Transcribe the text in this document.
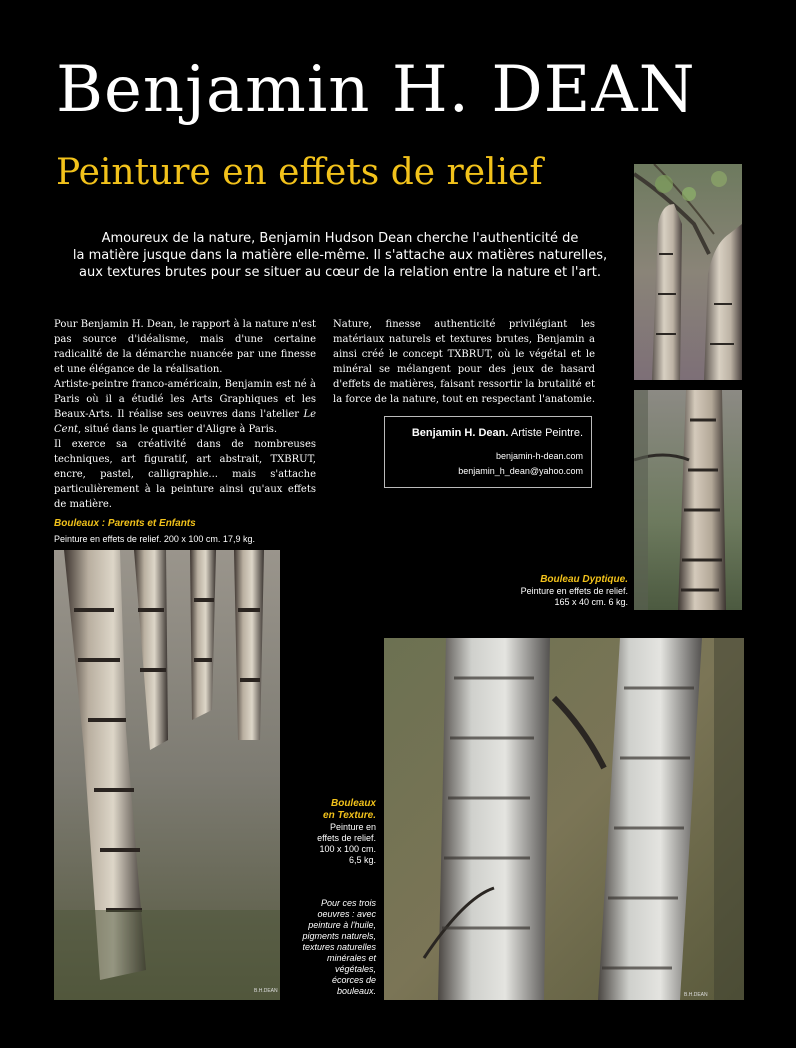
Benjamin H. DEAN
Peinture en effets de relief

Amoureux de la nature, Benjamin Hudson Dean cherche l'authenticité de

la matière jusque dans la matière elle-même. Il s'attache aux matières naturelles,

aux textures brutes pour se situer au cœur de la relation entre la nature et l'art.

Pour Benjamin H. Dean, le rapport à la nature n'est pas source d'idéalisme, mais d'une certaine radicalité de la démarche nuancée par une finesse et une élégance de la réalisation.

Artiste-peintre franco-américain, Benjamin est né à Paris où il a étudié les Arts Graphiques et les Beaux-Arts. Il réalise ses oeuvres dans l'atelier Le Cent, situé dans le quartier d'Aligre à Paris.

Il exerce sa créativité dans de nombreuses techniques, art figuratif, art abstrait, TXBRUT, encre, pastel, calligraphie... mais s'attache particulièrement à la peinture ainsi qu'aux effets de matière.

Nature, finesse authenticité privilégiant les matériaux naturels et textures brutes, Benjamin a ainsi créé le concept TXBRUT, où le végétal et le minéral se mélangent pour des jeux de hasard d'effets de matières, faisant ressortir la brutalité et la force de la nature, tout en respectant l'anatomie.

Benjamin H. Dean. Artiste Peintre.
benjamin-h-dean.com
benjamin_h_dean@yahoo.com
Bouleau Dyptique.
Peinture en effets de relief.
165 x 40 cm. 6 kg.
Bouleaux : Parents et Enfants
Peinture en effets de relief. 200 x 100 cm. 17,9 kg.
B.H.DEAN
Bouleaux
en Texture.
Peinture en
effets de relief.
100 x 100 cm.
6,5 kg.
Pour ces trois
oeuvres : avec
peinture à l'huile,
pigments naturels,
textures naturelles
minérales et
végétales,
écorces de
bouleaux.	B.H.DEAN
